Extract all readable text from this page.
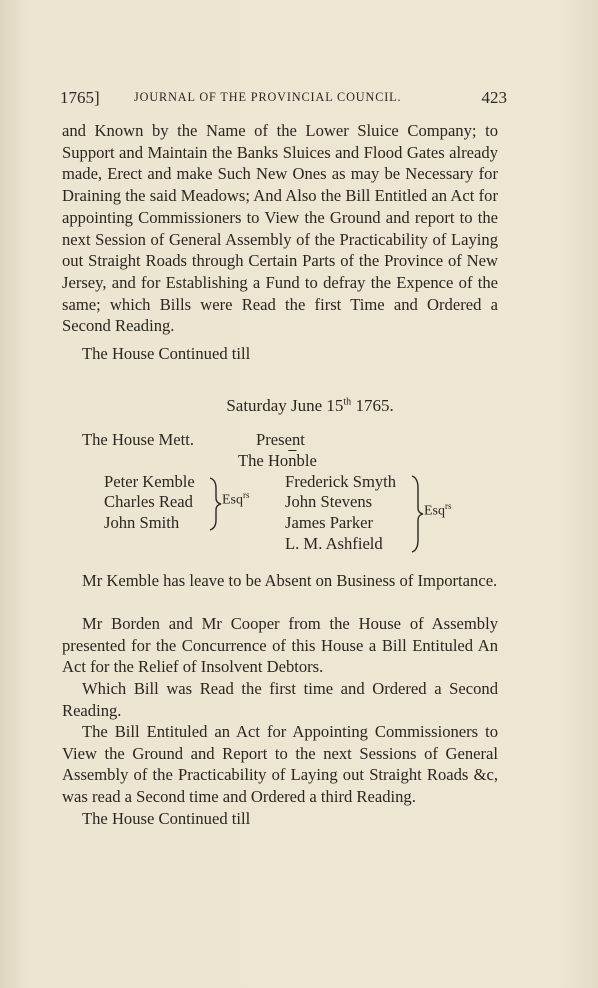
1765]	JOURNAL OF THE PROVINCIAL COUNCIL.	423
and Known by the Name of the Lower Sluice Company; to Support and Maintain the Banks Sluices and Flood Gates already made, Erect and make Such New Ones as may be Necessary for Draining the said Meadows; And Also the Bill Entitled an Act for appointing Commissioners to View the Ground and report to the next Session of General Assembly of the Practicability of Laying out Straight Roads through Certain Parts of the Province of New Jersey, and for Establishing a Fund to defray the Expence of the same; which Bills were Read the first Time and Ordered a Second Reading.
The House Continued till
Saturday June 15th 1765.
The House Mett.	Present
The $Ho\overline{n}ble$
Peter Kemble
Charles Read
John Smith
Esq$^{rs}$
Frederick Smyth
John Stevens
James Parker
L. M. Ashfield
Esq$^{rs}$
Mr Kemble has leave to be Absent on Business of Importance.
Mr Borden and Mr Cooper from the House of Assembly presented for the Concurrence of this House a Bill Entituled An Act for the Relief of Insolvent Debtors.
Which Bill was Read the first time and Ordered a Second Reading.
The Bill Entituled an Act for Appointing Commissioners to View the Ground and Report to the next Sessions of General Assembly of the Practicability of Laying out Straight Roads &c, was read a Second time and Ordered a third Reading.
The House Continued till
